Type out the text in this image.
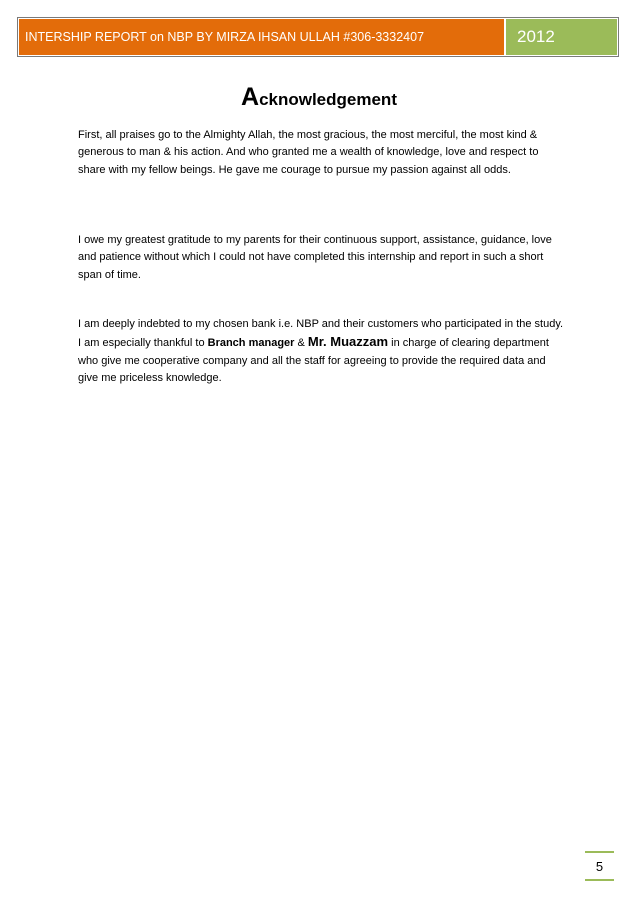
INTERSHIP REPORT on NBP BY MIRZA IHSAN ULLAH #306-3332407	2012
Acknowledgement

First, all praises go to the Almighty Allah, the most gracious, the most merciful, the most kind & generous to man & his action. And who granted me a wealth of knowledge, love and respect to share with my fellow beings. He gave me courage to pursue my passion against all odds.

I owe my greatest gratitude to my parents for their continuous support, assistance, guidance, love and patience without which I could not have completed this internship and report in such a short span of time.

I am deeply indebted to my chosen bank i.e. NBP and their customers who participated in the study. I am especially thankful to Branch manager & Mr. Muazzam in charge of clearing department who give me cooperative company and all the staff for agreeing to provide the required data and give me priceless knowledge.

5
